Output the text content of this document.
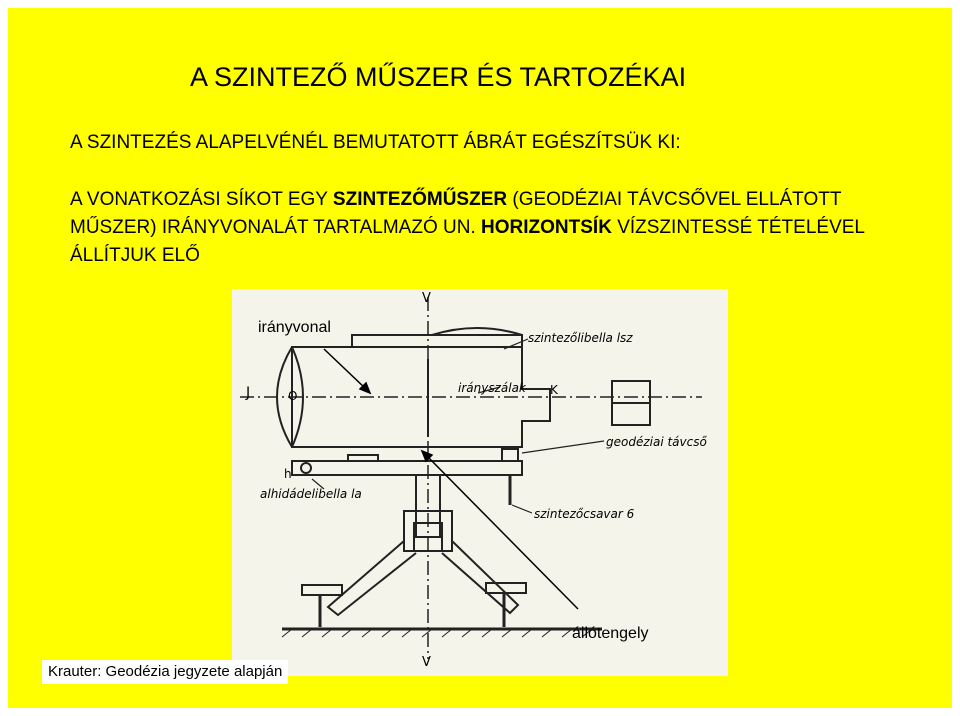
A SZINTEZŐ MŰSZER ÉS TARTOZÉKAI
A SZINTEZÉS ALAPELVÉNÉL BEMUTATOTT ÁBRÁT EGÉSZÍTSÜK KI:
A VONATKOZÁSI SÍKOT EGY SZINTEZŐMŰSZER (GEODÉZIAI TÁVCSŐVEL ELLÁTOTT MŰSZER) IRÁNYVONALÁT TARTALMAZÓ UN. HORIZONTSÍK VÍZSZINTESSÉ TÉTELÉVEL ÁLLÍTJUK ELŐ
irányvonal
állótengely
V
V
szintezőlibella lsz
irányszálak K
O
J
geodéziai távcső
h
alhidádelibella la
szintezőcsavar 6
Krauter: Geodézia jegyzete alapján
